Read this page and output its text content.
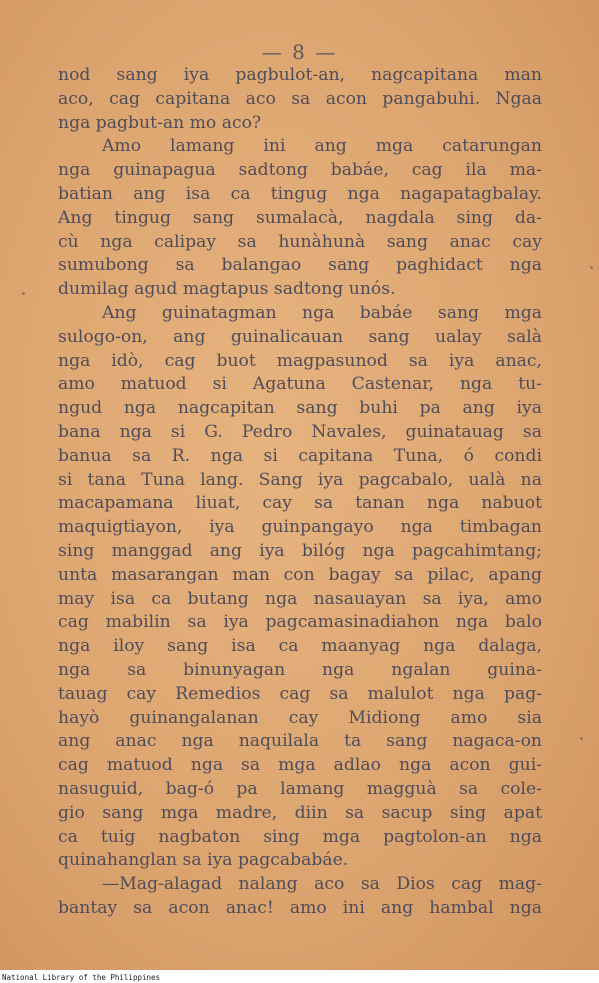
— 8 —
nod sang iya pagbulot-an, nagcapitana man
aco, cag capitana aco sa acon pangabuhi. Ngaa
nga pagbut-an mo aco?
Amo lamang ini ang mga catarungan
nga guinapagua sadtong babáe, cag ila ma-
batian ang isa ca tingug nga nagapatagbalay.
Ang tingug sang sumalacà, nagdala sing da-
cù nga calipay sa hunàhunà sang anac cay
sumubong sa balangao sang paghidact nga
dumilag agud magtapus sadtong unós.
Ang guinatagman nga babáe sang mga
sulogo-on, ang guinalicauan sang ualay salà
nga idò, cag buot magpasunod sa iya anac,
amo matuod si Agatuna Castenar, nga tu-
ngud nga nagcapitan sang buhi pa ang iya
bana nga si G. Pedro Navales, guinatauag sa
banua sa R. nga si capitana Tuna, ó condi
si tana Tuna lang. Sang iya pagcabalo, ualà na
macapamana liuat, cay sa tanan nga nabuot
maquigtiayon, iya guinpangayo nga timbagan
sing manggad ang iya bilóg nga pagcahimtang;
unta masarangan man con bagay sa pilac, apang
may isa ca butang nga nasauayan sa iya, amo
cag mabilin sa iya pagcamasinadiahon nga balo
nga iloy sang isa ca maanyag nga dalaga,
nga sa binunyagan nga ngalan guina-
tauag cay Remedios cag sa malulot nga pag-
hayò guinangalanan cay Midiong amo sia
ang anac nga naquilala ta sang nagaca-on
cag matuod nga sa mga adlao nga acon gui-
nasuguid, bag-ó pa lamang magguà sa cole-
gio sang mga madre, diin sa sacup sing apat
ca tuig nagbaton sing mga pagtolon-an nga
quinahanglan sa iya pagcababáe.
—Mag-alagad nalang aco sa Dios cag mag-
bantay sa acon anac! amo ini ang hambal nga
National Library of the Philippines
